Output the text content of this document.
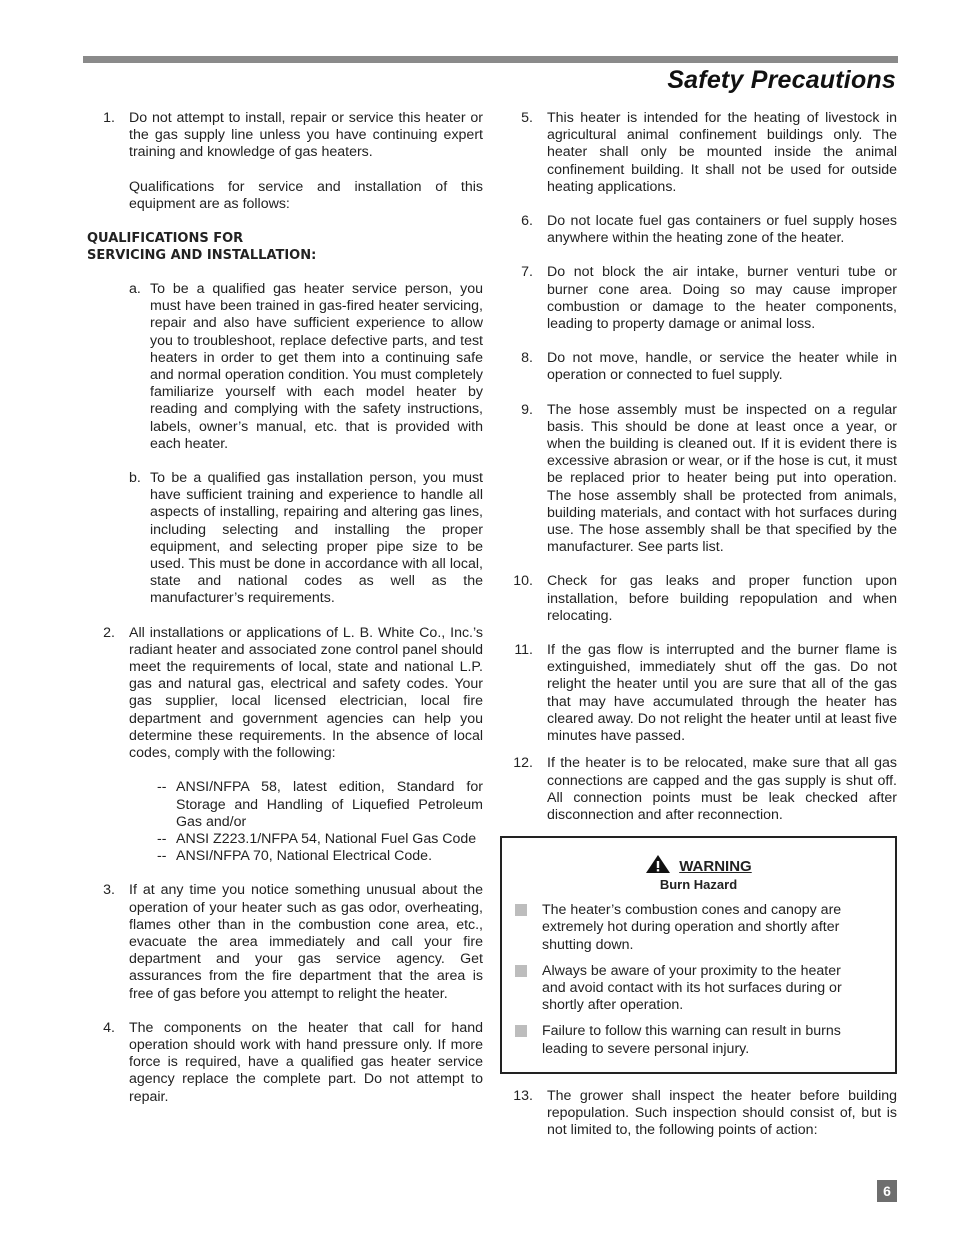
Safety Precautions
1. Do not attempt to install, repair or service this heater or the gas supply line unless you have continuing expert training and knowledge of gas heaters.
Qualifications for service and installation of this equipment are as follows:
QUALIFICATIONS FOR
SERVICING AND INSTALLATION:
a. To be a qualified gas heater service person, you must have been trained in gas-fired heater servicing, repair and also have sufficient experience to allow you to troubleshoot, replace defective parts, and test heaters in order to get them into a continuing safe and normal operation condition. You must completely familiarize yourself with each model heater by reading and complying with the safety instructions, labels, owner’s manual, etc. that is provided with each heater.
b. To be a qualified gas installation person, you must have sufficient training and experience to handle all aspects of installing, repairing and altering gas lines, including selecting and installing the proper equipment, and selecting proper pipe size to be used. This must be done in accordance with all local, state and national codes as well as the manufacturer’s requirements.
2. All installations or applications of L. B. White Co., Inc.’s radiant heater and associated zone control panel should meet the requirements of local, state and national L.P. gas and natural gas, electrical and safety codes. Your gas supplier, local licensed electrician, local fire department and government agencies can help you determine these requirements. In the absence of local codes, comply with the following:
-- ANSI/NFPA 58, latest edition, Standard for Storage and Handling of Liquefied Petroleum Gas and/or
-- ANSI Z223.1/NFPA 54, National Fuel Gas Code
-- ANSI/NFPA 70, National Electrical Code.
3. If at any time you notice something unusual about the operation of your heater such as gas odor, overheating, flames other than in the combustion cone area, etc., evacuate the area immediately and call your fire department and your gas service agency. Get assurances from the fire department that the area is free of gas before you attempt to relight the heater.
4. The components on the heater that call for hand operation should work with hand pressure only. If more force is required, have a qualified gas heater service agency replace the complete part. Do not attempt to repair.
5. This heater is intended for the heating of livestock in agricultural animal confinement buildings only. The heater shall only be mounted inside the animal confinement building. It shall not be used for outside heating applications.
6. Do not locate fuel gas containers or fuel supply hoses anywhere within the heating zone of the heater.
7. Do not block the air intake, burner venturi tube or burner cone area. Doing so may cause improper combustion or damage to the heater components, leading to property damage or animal loss.
8. Do not move, handle, or service the heater while in operation or connected to fuel supply.
9. The hose assembly must be inspected on a regular basis. This should be done at least once a year, or when the building is cleaned out. If it is evident there is excessive abrasion or wear, or if the hose is cut, it must be replaced prior to heater being put into operation. The hose assembly shall be protected from animals, building materials, and contact with hot surfaces during use. The hose assembly shall be that specified by the manufacturer. See parts list.
10. Check for gas leaks and proper function upon installation, before building repopulation and when relocating.
11. If the gas flow is interrupted and the burner flame is extinguished, immediately shut off the gas. Do not relight the heater until you are sure that all of the gas that may have accumulated through the heater has cleared away. Do not relight the heater until at least five minutes have passed.
12. If the heater is to be relocated, make sure that all gas connections are capped and the gas supply is shut off. All connection points must be leak checked after disconnection and after reconnection.
WARNING
Burn Hazard
The heater’s combustion cones and canopy are extremely hot during operation and shortly after shutting down.
Always be aware of your proximity to the heater and avoid contact with its hot surfaces during or shortly after operation.
Failure to follow this warning can result in burns leading to severe personal injury.
13. The grower shall inspect the heater before building repopulation. Such inspection should consist of, but is not limited to, the following points of action:
6
